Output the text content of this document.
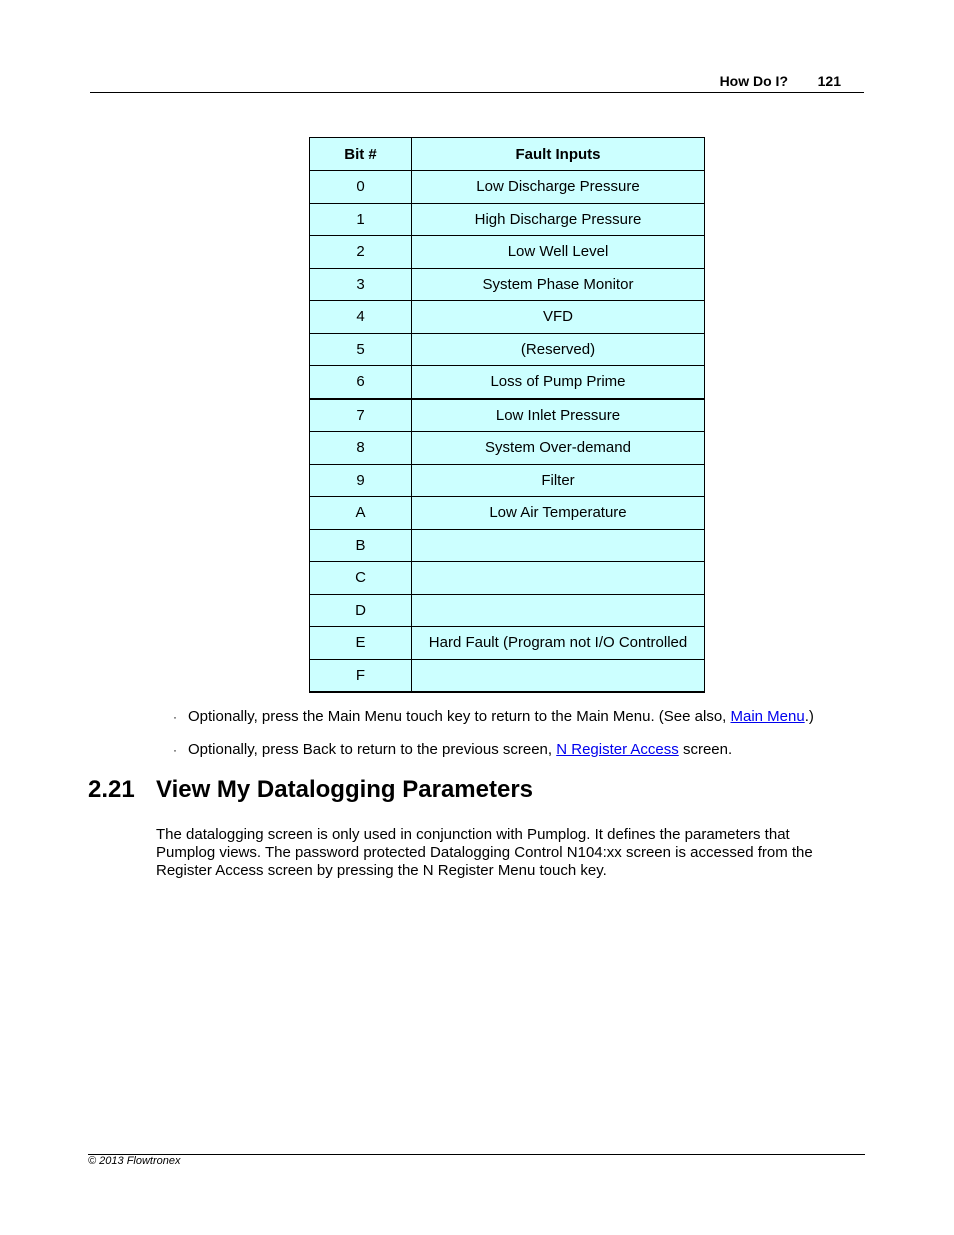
How Do I? 121
Bit #	Fault Inputs
0	Low Discharge Pressure
1	High Discharge Pressure
2	Low Well Level
3	System Phase Monitor
4	VFD
5	(Reserved)
6	Loss of Pump Prime
7	Low Inlet Pressure
8	System Over-demand
9	Filter
A	Low Air Temperature
B	
C	
D	
E	Hard Fault (Program not I/O Controlled
F	
· Optionally, press the Main Menu touch key to return to the Main Menu. (See also, Main Menu.)
· Optionally, press Back to return to the previous screen, N Register Access screen.
2.21 View My Datalogging Parameters
The datalogging screen is only used in conjunction with Pumplog. It defines the parameters that
Pumplog views. The password protected Datalogging Control N104:xx screen is accessed from the
Register Access screen by pressing the N Register Menu touch key.
© 2013 Flowtronex
